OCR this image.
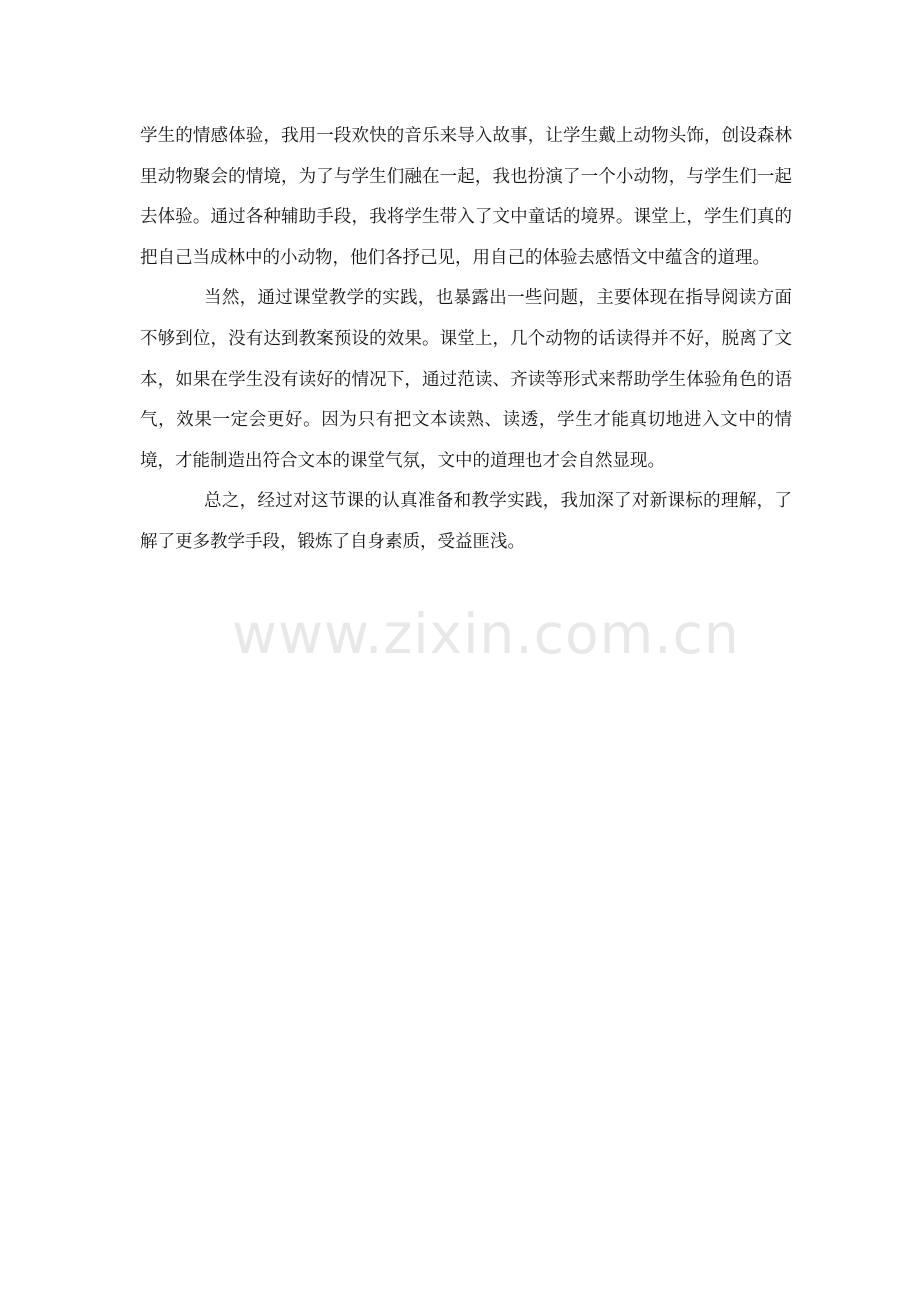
学生的情感体验，我用一段欢快的音乐来导入故事，让学生戴上动物头饰，创设森林里动物聚会的情境，为了与学生们融在一起，我也扮演了一个小动物，与学生们一起去体验。通过各种辅助手段，我将学生带入了文中童话的境界。课堂上，学生们真的把自己当成林中的小动物，他们各抒己见，用自己的体验去感悟文中蕴含的道理。

当然，通过课堂教学的实践，也暴露出一些问题，主要体现在指导阅读方面不够到位，没有达到教案预设的效果。课堂上，几个动物的话读得并不好，脱离了文本，如果在学生没有读好的情况下，通过范读、齐读等形式来帮助学生体验角色的语气，效果一定会更好。因为只有把文本读熟、读透，学生才能真切地进入文中的情境，才能制造出符合文本的课堂气氛，文中的道理也才会自然显现。

总之，经过对这节课的认真准备和教学实践，我加深了对新课标的理解，了解了更多教学手段，锻炼了自身素质，受益匪浅。

www.zixin.com.cn
